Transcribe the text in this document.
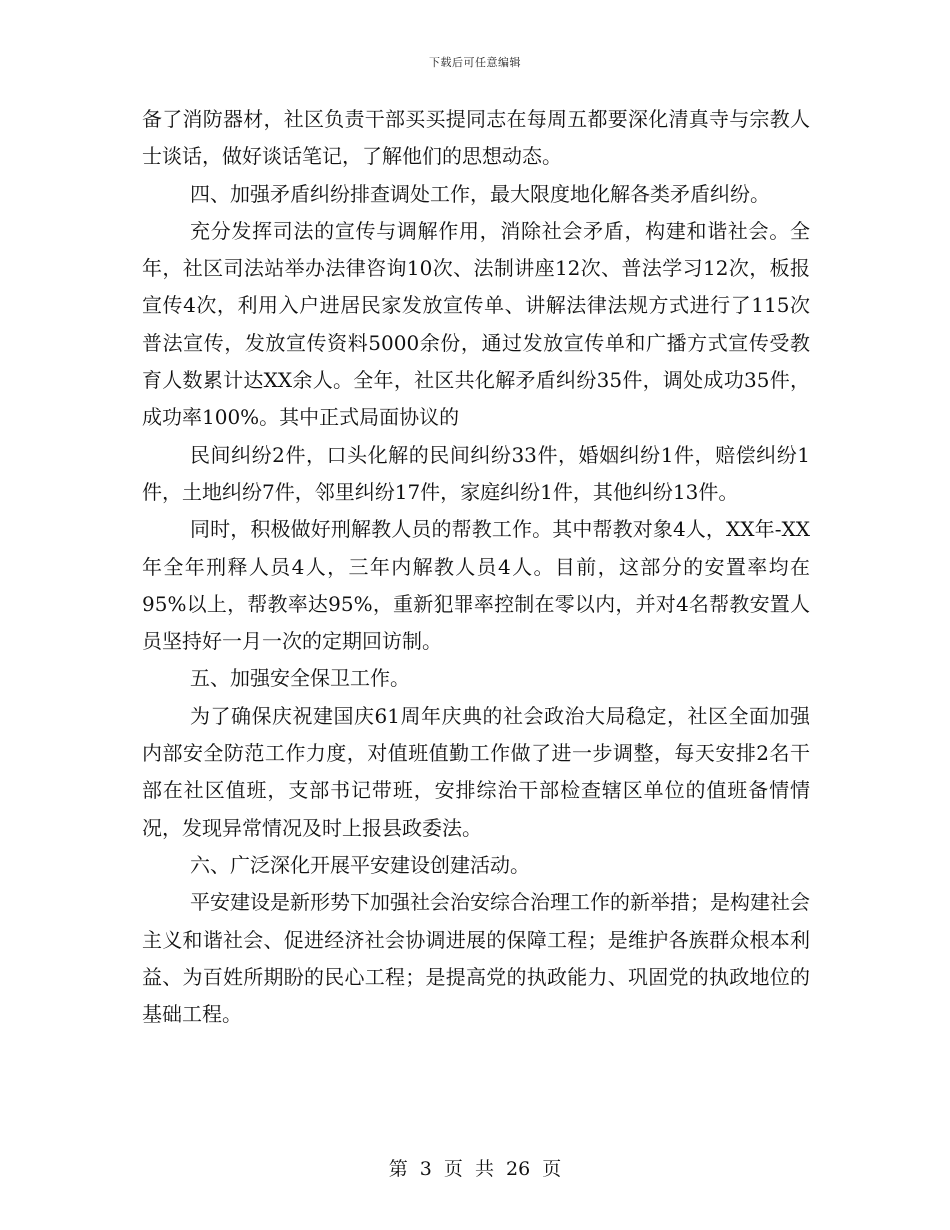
下载后可任意编辑

备了消防器材，社区负责干部买买提同志在每周五都要深化清真寺与宗教人士谈话，做好谈话笔记，了解他们的思想动态。

四、加强矛盾纠纷排查调处工作，最大限度地化解各类矛盾纠纷。

充分发挥司法的宣传与调解作用，消除社会矛盾，构建和谐社会。全年，社区司法站举办法律咨询10次、法制讲座12次、普法学习12次，板报宣传4次，利用入户进居民家发放宣传单、讲解法律法规方式进行了115次普法宣传，发放宣传资料5000余份，通过发放宣传单和广播方式宣传受教育人数累计达XX余人。全年，社区共化解矛盾纠纷35件，调处成功35件，成功率100%。其中正式局面协议的

民间纠纷2件，口头化解的民间纠纷33件，婚姻纠纷1件，赔偿纠纷1件，土地纠纷7件，邻里纠纷17件，家庭纠纷1件，其他纠纷13件。

同时，积极做好刑解教人员的帮教工作。其中帮教对象4人，XX年-XX年全年刑释人员4人，三年内解教人员4人。目前，这部分的安置率均在95%以上，帮教率达95%，重新犯罪率控制在零以内，并对4名帮教安置人员坚持好一月一次的定期回访制。

五、加强安全保卫工作。

为了确保庆祝建国庆61周年庆典的社会政治大局稳定，社区全面加强内部安全防范工作力度，对值班值勤工作做了进一步调整，每天安排2名干部在社区值班，支部书记带班，安排综治干部检查辖区单位的值班备情情况，发现异常情况及时上报县政委法。

六、广泛深化开展平安建设创建活动。

平安建设是新形势下加强社会治安综合治理工作的新举措；是构建社会主义和谐社会、促进经济社会协调进展的保障工程；是维护各族群众根本利益、为百姓所期盼的民心工程；是提高党的执政能力、巩固党的执政地位的基础工程。

第 3 页 共 26 页
